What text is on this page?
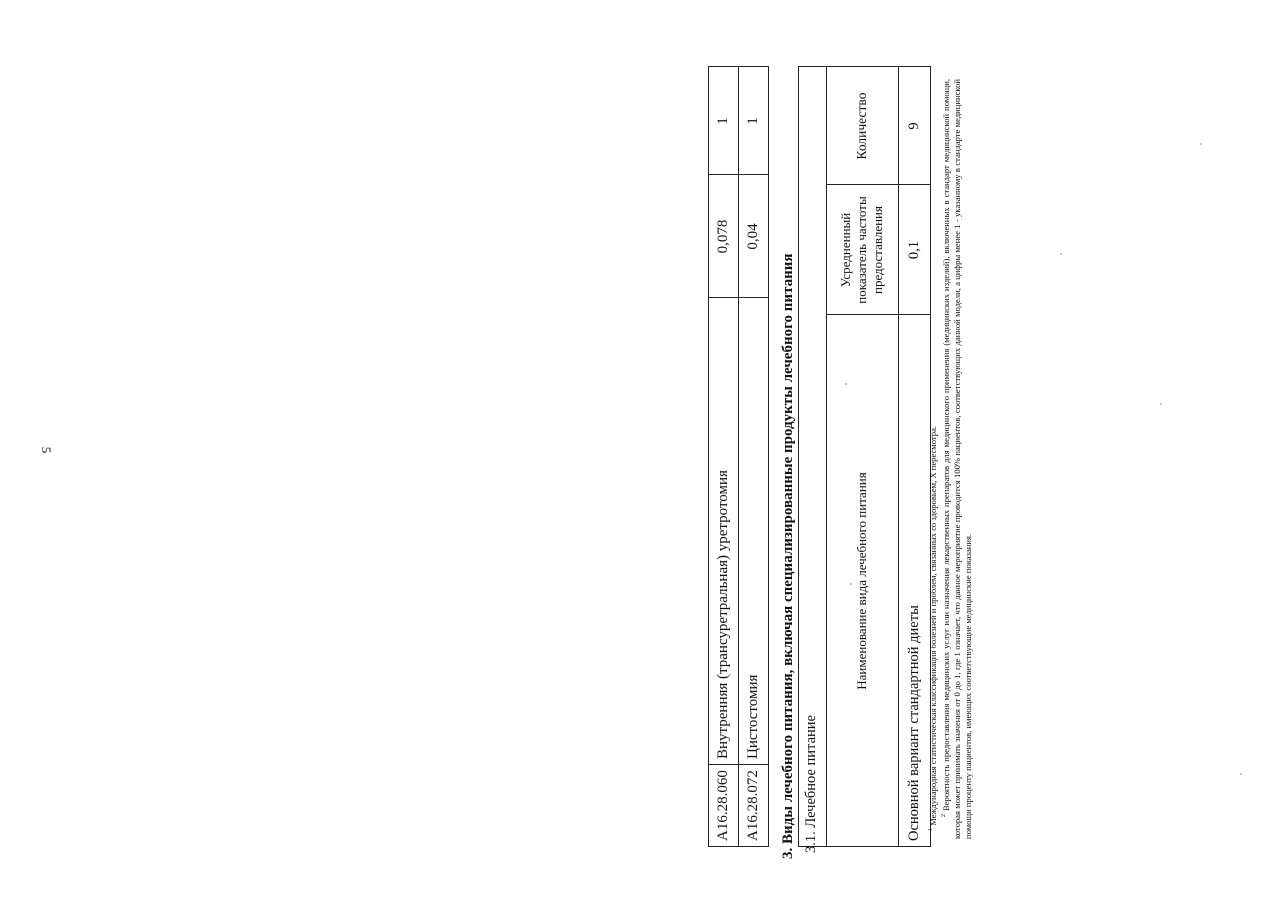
5
A16.28.060
Внутренняя (трансуретральная) уретротомия
0,078
1
A16.28.072
Цистостомия
0,04
1
3. Виды лечебного питания, включая специализированные продукты лечебного питания 3.1. Лечебное питание
Наименование вида лечебного питания
Усредненный показатель частоты предоставления
Количество
Основной вариант стандартной диеты
0,1
9

$^1$ Международная статистическая классификация болезней и проблем, связанных со здоровьем, X пересмотра. $^2$ Вероятность предоставления медицинских услуг или назначения лекарственных препаратов для медицинского применения (медицинских изделий), включенных в стандарт медицинской помощи, которая может принимать значения от 0 до 1, где 1 означает, что данное мероприятие проводится 100% пациентов, соответствующих данной модели, а цифры менее 1 - указанному в стандарте медицинской помощи проценту пациентов, имеющих соответствующие медицинские показания.
